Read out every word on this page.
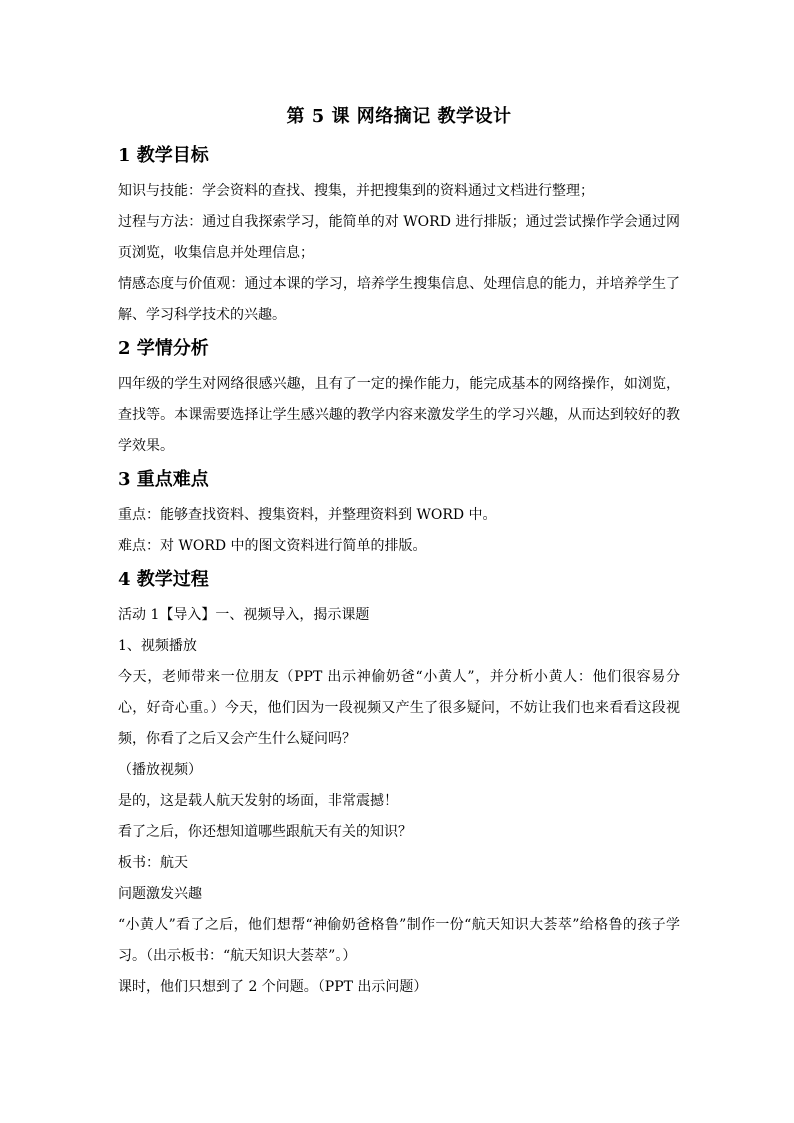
第 5 课 网络摘记 教学设计
1 教学目标

知识与技能：学会资料的查找、搜集，并把搜集到的资料通过文档进行整理；

过程与方法：通过自我探索学习，能简单的对 WORD 进行排版；通过尝试操作学会通过网页浏览，收集信息并处理信息；

情感态度与价值观：通过本课的学习，培养学生搜集信息、处理信息的能力，并培养学生了解、学习科学技术的兴趣。

2 学情分析

四年级的学生对网络很感兴趣，且有了一定的操作能力，能完成基本的网络操作，如浏览，查找等。本课需要选择让学生感兴趣的教学内容来激发学生的学习兴趣，从而达到较好的教学效果。

3 重点难点

重点：能够查找资料、搜集资料，并整理资料到 WORD 中。

难点：对 WORD 中的图文资料进行简单的排版。

4 教学过程

活动 1【导入】一、视频导入，揭示课题

1、视频播放

今天，老师带来一位朋友（PPT 出示神偷奶爸“小黄人”，并分析小黄人：他们很容易分心，好奇心重。）今天，他们因为一段视频又产生了很多疑问，不妨让我们也来看看这段视频，你看了之后又会产生什么疑问吗？

（播放视频）

是的，这是载人航天发射的场面，非常震撼！

看了之后，你还想知道哪些跟航天有关的知识？

板书：航天

问题激发兴趣

“小黄人”看了之后，他们想帮“神偷奶爸格鲁”制作一份“航天知识大荟萃”给格鲁的孩子学习。（出示板书：“航天知识大荟萃”。）

课时，他们只想到了 2 个问题。（PPT 出示问题）
